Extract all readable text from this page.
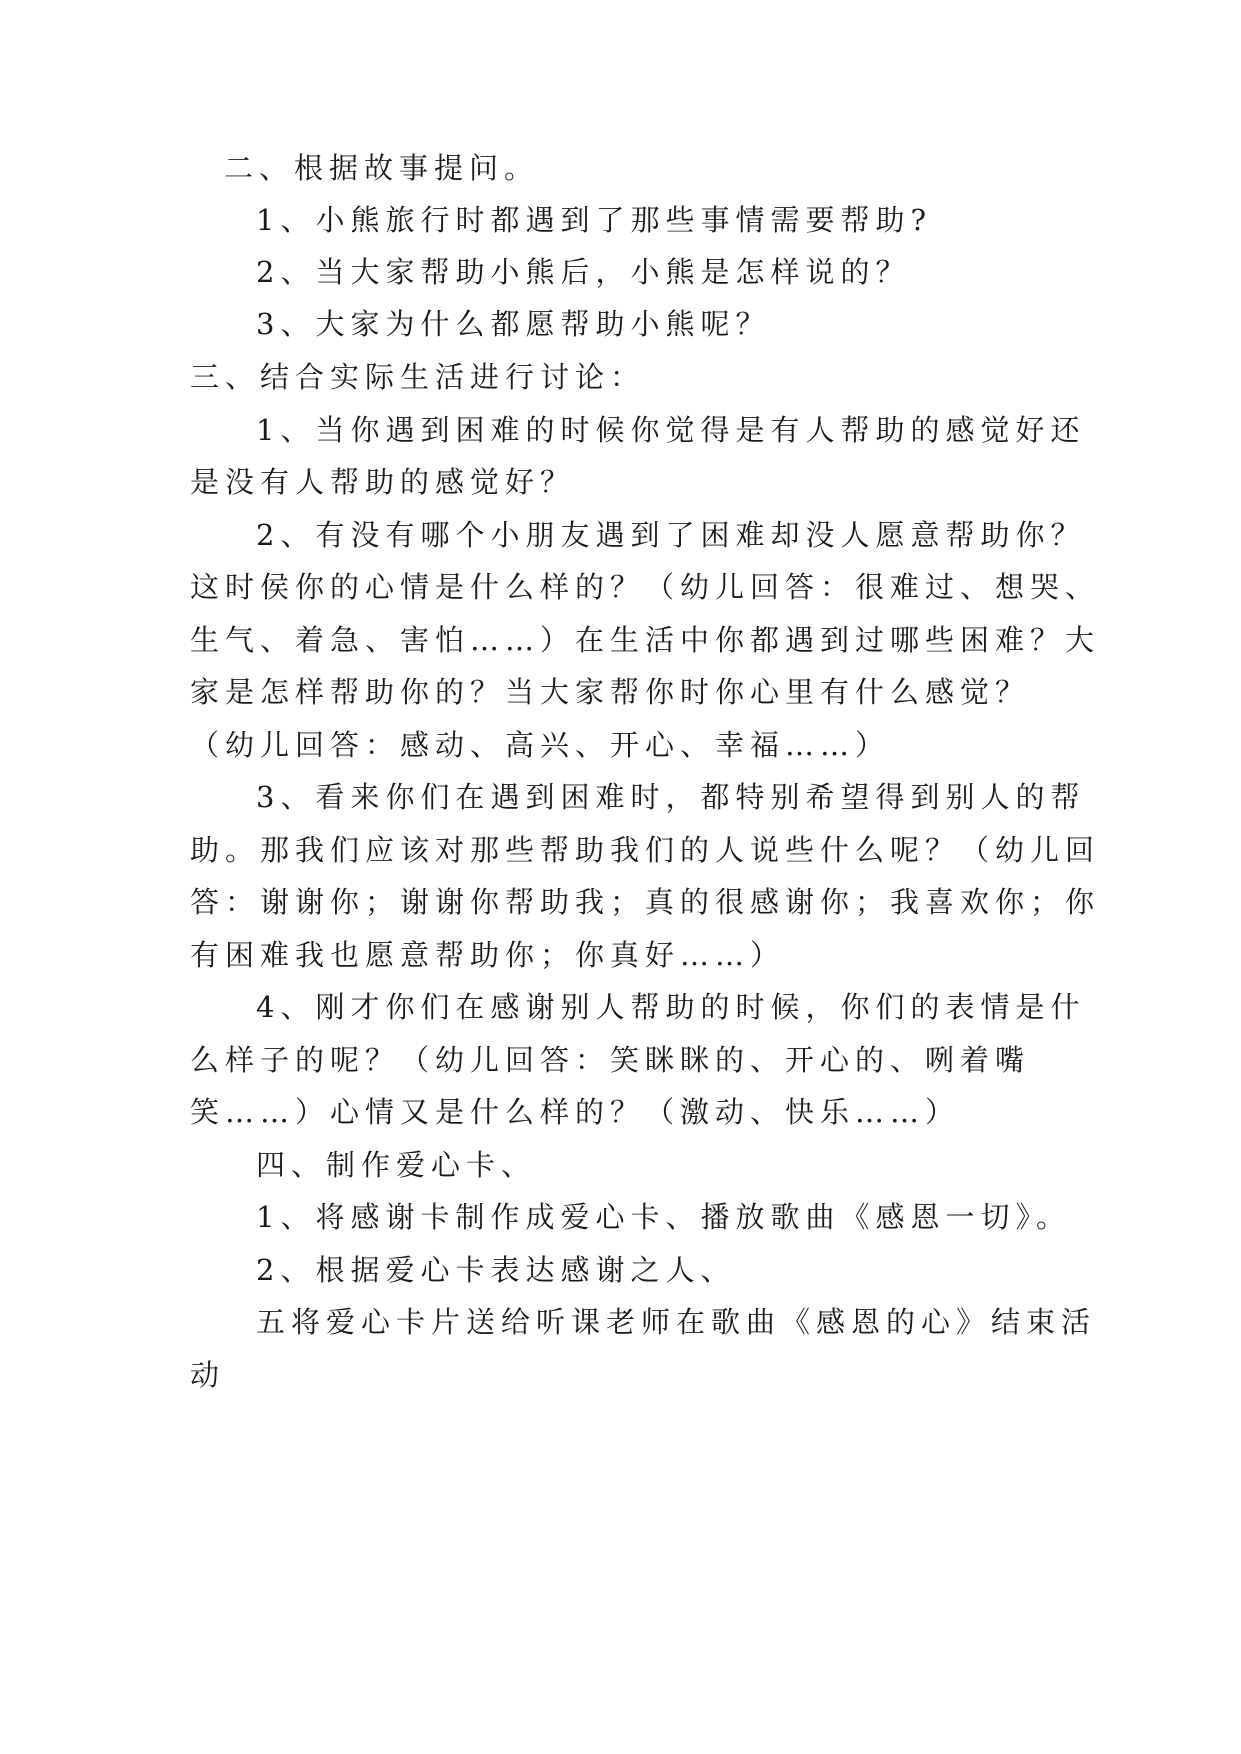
二、根据故事提问。
1、小熊旅行时都遇到了那些事情需要帮助?
2、当大家帮助小熊后，小熊是怎样说的？
3、大家为什么都愿帮助小熊呢？
三、结合实际生活进行讨论：
1、当你遇到困难的时候你觉得是有人帮助的感觉好还
是没有人帮助的感觉好？
2、有没有哪个小朋友遇到了困难却没人愿意帮助你？
这时侯你的心情是什么样的？（幼儿回答：很难过、想哭、
生气、着急、害怕……）在生活中你都遇到过哪些困难？大
家是怎样帮助你的？当大家帮你时你心里有什么感觉？
（幼儿回答：感动、高兴、开心、幸福……）
3、看来你们在遇到困难时，都特别希望得到别人的帮
助。那我们应该对那些帮助我们的人说些什么呢？（幼儿回
答：谢谢你；谢谢你帮助我；真的很感谢你；我喜欢你；你
有困难我也愿意帮助你；你真好……）
4、刚才你们在感谢别人帮助的时候，你们的表情是什
么样子的呢？（幼儿回答：笑眯眯的、开心的、咧着嘴
笑……）心情又是什么样的？（激动、快乐……）
四、制作爱心卡、
1、将感谢卡制作成爱心卡、播放歌曲《感恩一切》。
2、根据爱心卡表达感谢之人、
五将爱心卡片送给听课老师在歌曲《感恩的心》结束活
动
